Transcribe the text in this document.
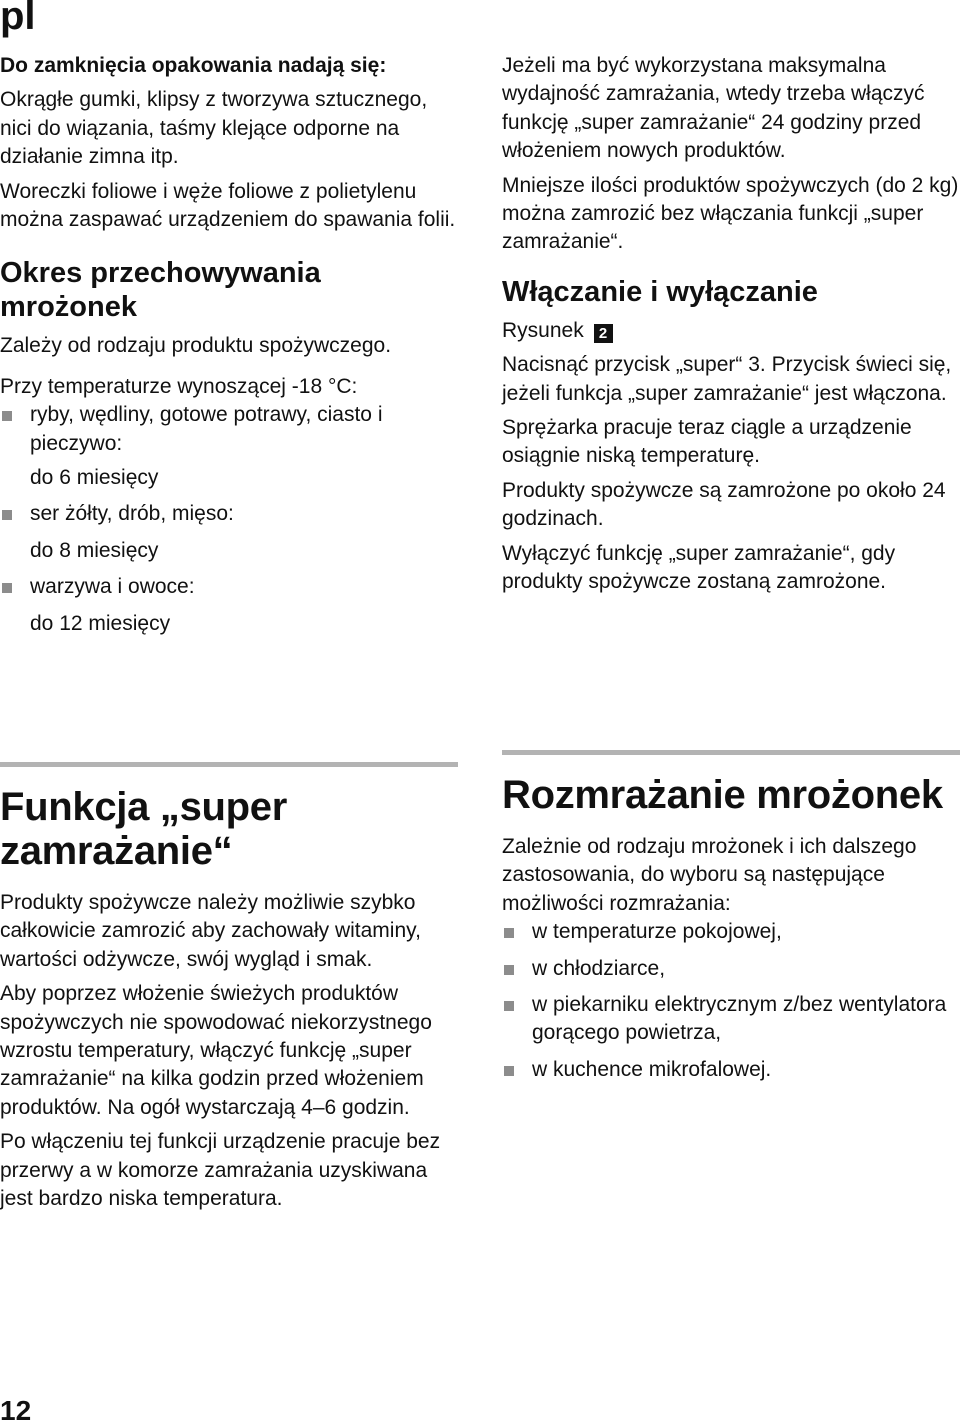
pl

Do zamknięcia opakowania nadają się:

Okrągłe gumki, klipsy z tworzywa sztucznego, nici do wiązania, taśmy klejące odporne na działanie zimna itp.

Woreczki foliowe i węże foliowe z polietylenu można zaspawać urządzeniem do spawania folii.

Okres przechowywania mrożonek

Zależy od rodzaju produktu spożywczego.

Przy temperaturze wynoszącej -18 °C:

ryby, wędliny, gotowe potrawy, ciasto i pieczywo:
do 6 miesięcy
ser żółty, drób, mięso:
do 8 miesięcy
warzywa i owoce:
do 12 miesięcy
Funkcja „super zamrażanie“

Produkty spożywcze należy możliwie szybko całkowicie zamrozić aby zachowały witaminy, wartości odżywcze, swój wygląd i smak.

Aby poprzez włożenie świeżych produktów spożywczych nie spowodować niekorzystnego wzrostu temperatury, włączyć funkcję „super zamrażanie“ na kilka godzin przed włożeniem produktów. Na ogół wystarczają 4–6 godzin.

Po włączeniu tej funkcji urządzenie pracuje bez przerwy a w komorze zamrażania uzyskiwana jest bardzo niska temperatura.

Jeżeli ma być wykorzystana maksymalna wydajność zamrażania, wtedy trzeba włączyć funkcję „super zamrażanie“ 24 godziny przed włożeniem nowych produktów.

Mniejsze ilości produktów spożywczych (do 2 kg) można zamrozić bez włączania funkcji „super zamrażanie“.

Włączanie i wyłączanie

Rysunek 2

Nacisnąć przycisk „super“ 3. Przycisk świeci się, jeżeli funkcja „super zamrażanie“ jest włączona.

Sprężarka pracuje teraz ciągle a urządzenie osiągnie niską temperaturę.

Produkty spożywcze są zamrożone po około 24 godzinach.

Wyłączyć funkcję „super zamrażanie“, gdy produkty spożywcze zostaną zamrożone.

Rozmrażanie mrożonek

Zależnie od rodzaju mrożonek i ich dalszego zastosowania, do wyboru są następujące możliwości rozmrażania:

w temperaturze pokojowej,
w chłodziarce,
w piekarniku elektrycznym z/bez wentylatora gorącego powietrza,
w kuchence mikrofalowej.
12
